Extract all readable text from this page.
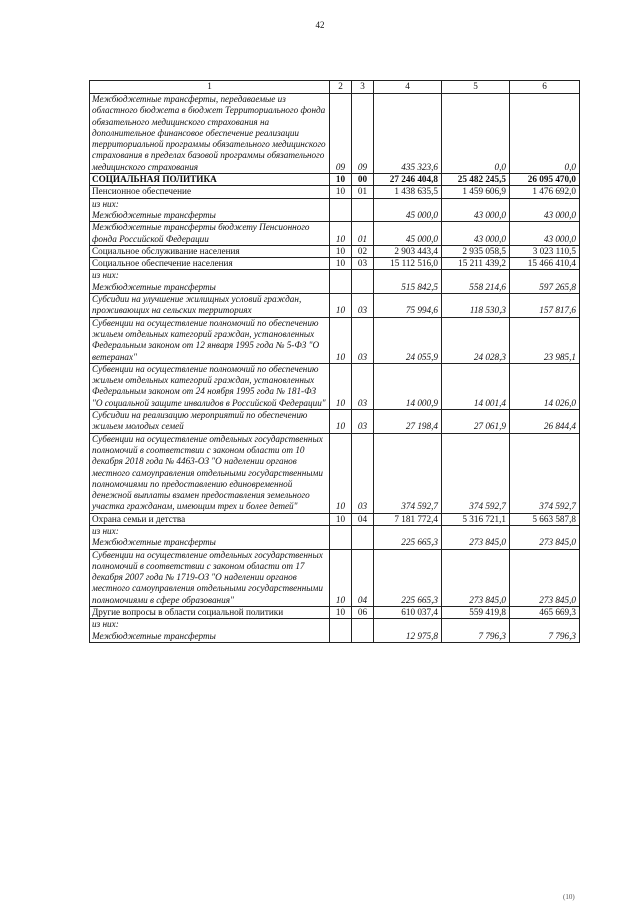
42
1	2	3	4	5	6
Межбюджетные трансферты, передаваемые из областного бюджета в бюджет Территориального фонда обязательного медицинского страхования на дополнительное финансовое обеспечение реализации территориальной программы обязательного медицинского страхования в пределах базовой программы обязательного медицинского страхования	09	09	435 323,6	0,0	0,0
СОЦИАЛЬНАЯ ПОЛИТИКА	10	00	27 246 404,8	25 482 245,5	26 095 470,0
Пенсионное обеспечение	10	01	1 438 635,5	1 459 606,9	1 476 692,0
из них:
Межбюджетные трансферты			45 000,0	43 000,0	43 000,0
Межбюджетные трансферты бюджету Пенсионного фонда Российской Федерации	10	01	45 000,0	43 000,0	43 000,0
Социальное обслуживание населения	10	02	2 903 443,4	2 935 058,5	3 023 110,5
Социальное обеспечение населения	10	03	15 112 516,0	15 211 439,2	15 466 410,4
из них:
Межбюджетные трансферты			515 842,5	558 214,6	597 265,8
Субсидии на улучшение жилищных условий граждан, проживающих на сельских территориях	10	03	75 994,6	118 530,3	157 817,6
Субвенции на осуществление полномочий по обеспечению жильем отдельных категорий граждан, установленных Федеральным законом от 12 января 1995 года № 5-ФЗ "О ветеранах"	10	03	24 055,9	24 028,3	23 985,1
Субвенции на осуществление полномочий по обеспечению жильем отдельных категорий граждан, установленных Федеральным законом от 24 ноября 1995 года № 181-ФЗ "О социальной защите инвалидов в Российской Федерации"	10	03	14 000,9	14 001,4	14 026,0
Субсидии на реализацию мероприятий по обеспечению жильем молодых семей	10	03	27 198,4	27 061,9	26 844,4
Субвенции на осуществление отдельных государственных полномочий в соответствии с законом области от 10 декабря 2018 года № 4463-ОЗ "О наделении органов местного самоуправления отдельными государственными полномочиями по предоставлению единовременной денежной выплаты взамен предоставления земельного участка гражданам, имеющим трех и более детей"	10	03	374 592,7	374 592,7	374 592,7
Охрана семьи и детства	10	04	7 181 772,4	5 316 721,1	5 663 587,8
из них:
Межбюджетные трансферты			225 665,3	273 845,0	273 845,0
Субвенции на осуществление отдельных государственных полномочий в соответствии с законом области от 17 декабря 2007 года № 1719-ОЗ "О наделении органов местного самоуправления отдельными государственными полномочиями в сфере образования"	10	04	225 665,3	273 845,0	273 845,0
Другие вопросы в области социальной политики	10	06	610 037,4	559 419,8	465 669,3
из них:
Межбюджетные трансферты			12 975,8	7 796,3	7 796,3
(10)
